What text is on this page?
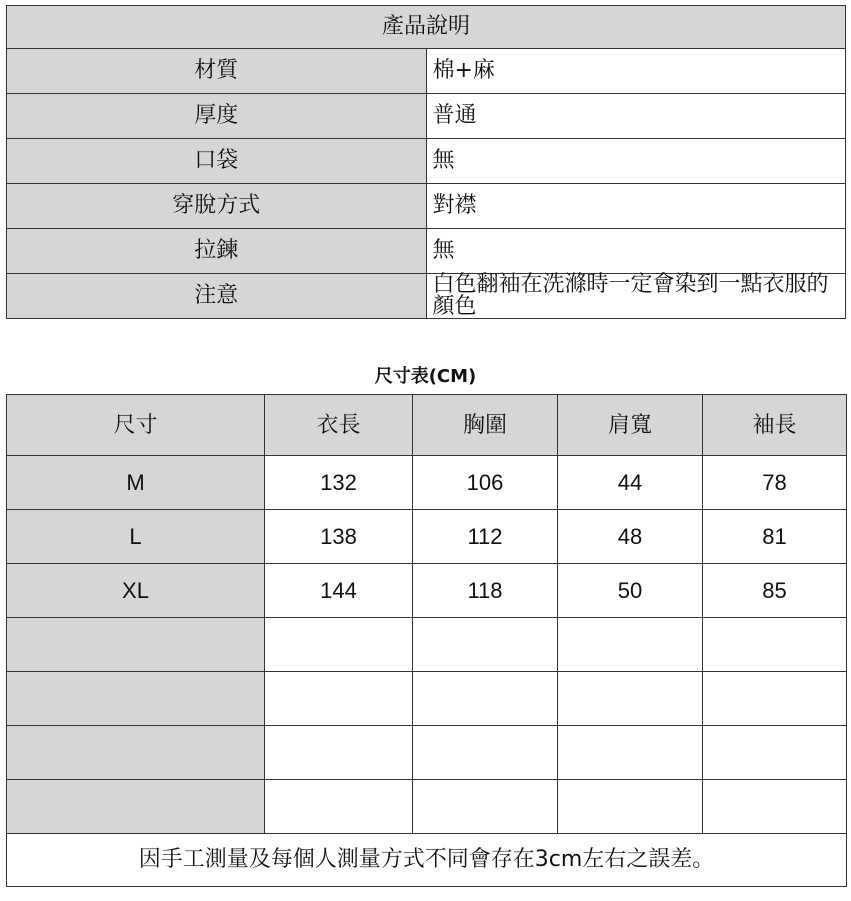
產品說明	
材質	棉+麻
厚度	普通
口袋	無
穿脫方式	對襟
拉鍊	無
注意	白色翻袖在洗滌時一定會染到一點衣服的顏色
尺寸表(CM)
尺寸	衣長	胸圍	肩寬	袖長
M	132	106	44	78
L	138	112	48	81
XL	144	118	50	85

因手工測量及每個人測量方式不同會存在3cm左右之誤差。				
